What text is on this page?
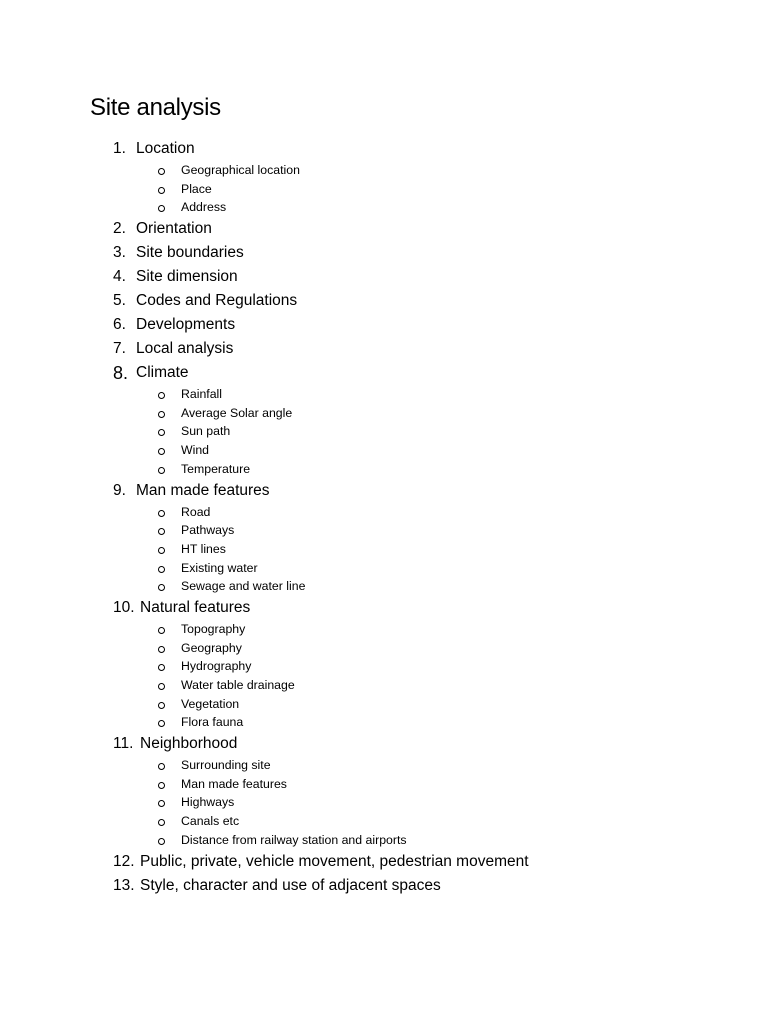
Site analysis
1. Location
Geographical location
Place
Address
2. Orientation
3. Site boundaries
4. Site dimension
5. Codes and Regulations
6. Developments
7. Local analysis
8. Climate
Rainfall
Average Solar angle
Sun path
Wind
Temperature
9. Man made features
Road
Pathways
HT lines
Existing water
Sewage and water line
10. Natural features
Topography
Geography
Hydrography
Water table drainage
Vegetation
Flora fauna
11. Neighborhood
Surrounding site
Man made features
Highways
Canals etc
Distance from railway station and airports
12. Public, private, vehicle movement, pedestrian movement
13. Style, character and use of adjacent spaces
